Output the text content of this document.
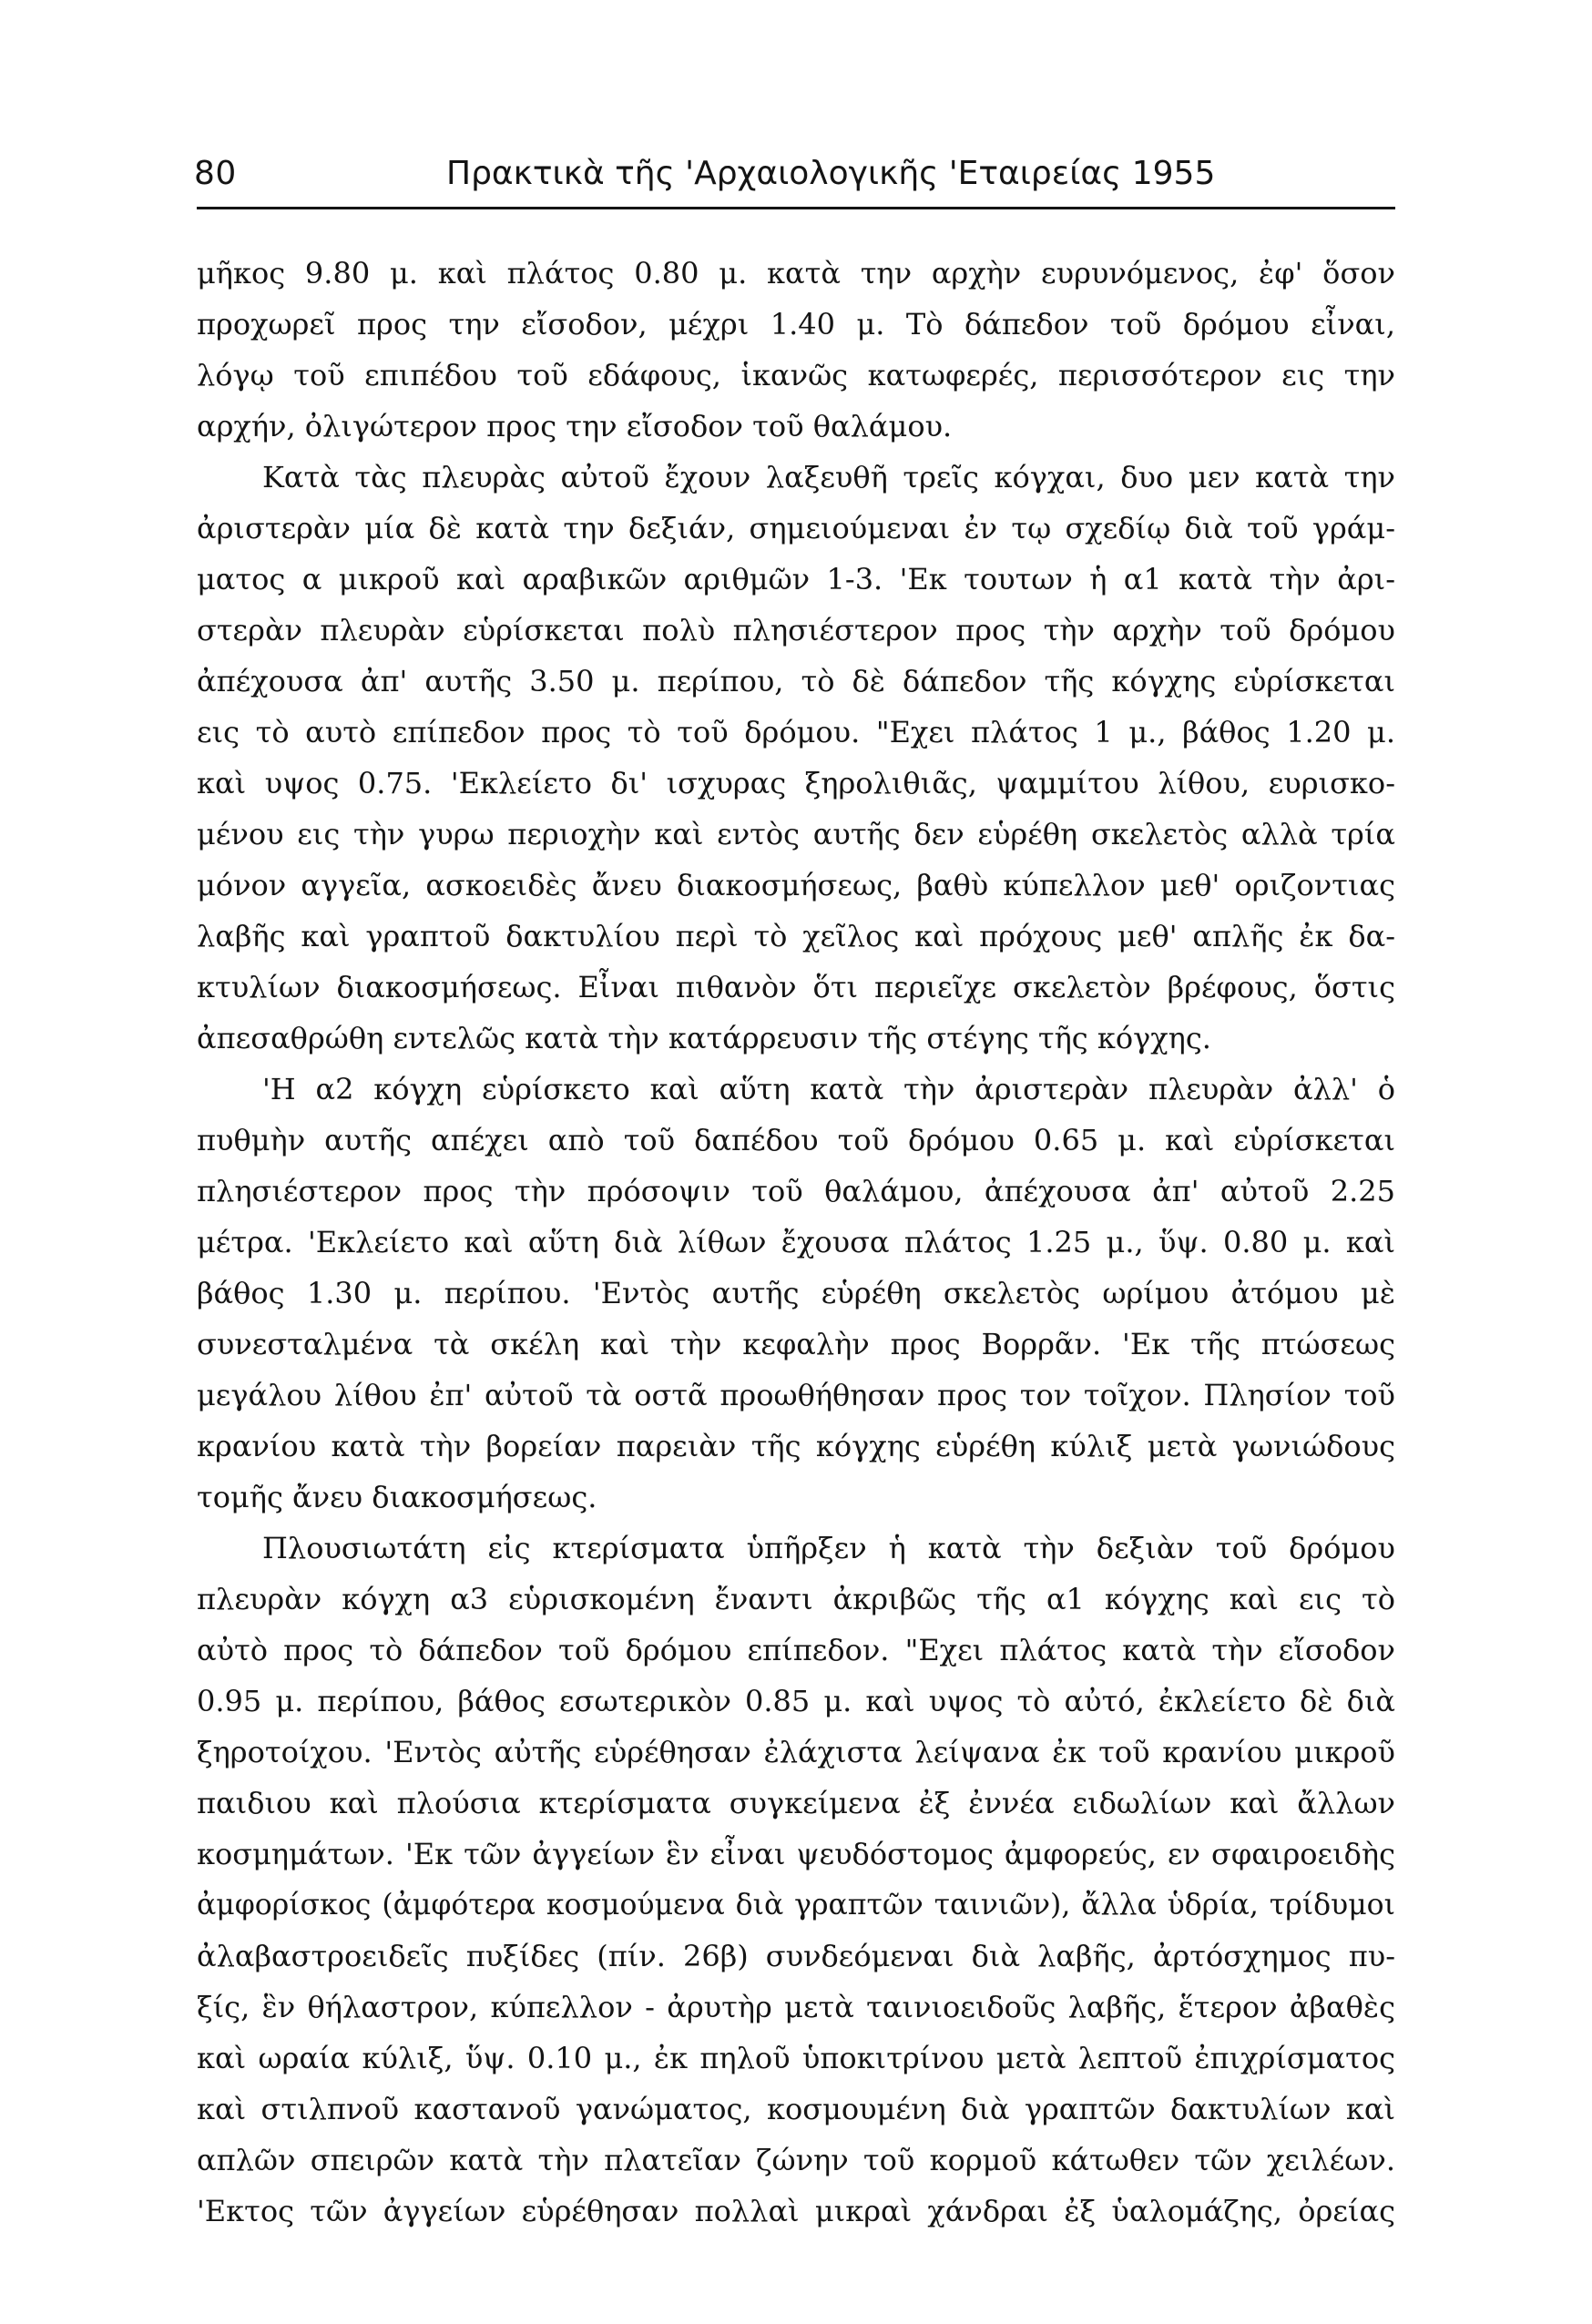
80	Πρακτικὰ τῆς 'Αρχαιολογικῆς 'Εταιρείας 1955
μῆκος 9.80 μ. καὶ πλάτος 0.80 μ. κατὰ την αρχὴν ευρυνόμενος, ἐφ' ὅσον
προχωρεῖ προς την εἴσοδον, μέχρι 1.40 μ. Τὸ δάπεδον τοῦ δρόμου εἶναι,
λόγῳ τοῦ επιπέδου τοῦ εδάφους, ἱκανῶς κατωφερές, περισσότερον εις την
αρχήν, ὀλιγώτερον προς την εἴσοδον τοῦ θαλάμου.
Κατὰ τὰς πλευρὰς αὐτοῦ ἔχουν λαξευθῆ τρεῖς κόγχαι, δυο μεν κατὰ την
ἀριστερὰν μία δὲ κατὰ την δεξιάν, σημειούμεναι ἐν τῳ σχεδίῳ διὰ τοῦ γράμ-
ματος α μικροῦ καὶ αραβικῶν αριθμῶν 1-3. 'Εκ τουτων ἡ α1 κατὰ τὴν ἀρι-
στερὰν πλευρὰν εὑρίσκεται πολὺ πλησιέστερον προς τὴν αρχὴν τοῦ δρόμου
ἀπέχουσα ἀπ' αυτῆς 3.50 μ. περίπου, τὸ δὲ δάπεδον τῆς κόγχης εὑρίσκεται
εις τὸ αυτὸ επίπεδον προς τὸ τοῦ δρόμου. "Εχει πλάτος 1 μ., βάθος 1.20 μ.
καὶ υψος 0.75. 'Εκλείετο δι' ισχυρας ξηρολιθιᾶς, ψαμμίτου λίθου, ευρισκο-
μένου εις τὴν γυρω περιοχὴν καὶ εντὸς αυτῆς δεν εὑρέθη σκελετὸς αλλὰ τρία
μόνον αγγεῖα, ασκοειδὲς ἄνευ διακοσμήσεως, βαθὺ κύπελλον μεθ' οριζοντιας
λαβῆς καὶ γραπτοῦ δακτυλίου περὶ τὸ χεῖλος καὶ πρόχους μεθ' απλῆς ἐκ δα-
κτυλίων διακοσμήσεως. Εἶναι πιθανὸν ὅτι περιεῖχε σκελετὸν βρέφους, ὅστις
ἀπεσαθρώθη εντελῶς κατὰ τὴν κατάρρευσιν τῆς στέγης τῆς κόγχης.
'Η α2 κόγχη εὑρίσκετο καὶ αὕτη κατὰ τὴν ἀριστερὰν πλευρὰν ἀλλ' ὁ
πυθμὴν αυτῆς απέχει απὸ τοῦ δαπέδου τοῦ δρόμου 0.65 μ. καὶ εὑρίσκεται
πλησιέστερον προς τὴν πρόσοψιν τοῦ θαλάμου, ἀπέχουσα ἀπ' αὐτοῦ 2.25
μέτρα. 'Εκλείετο καὶ αὕτη διὰ λίθων ἔχουσα πλάτος 1.25 μ., ὕψ. 0.80 μ. καὶ
βάθος 1.30 μ. περίπου. 'Εντὸς αυτῆς εὑρέθη σκελετὸς ωρίμου ἀτόμου μὲ
συνεσταλμένα τὰ σκέλη καὶ τὴν κεφαλὴν προς Βορρᾶν. 'Εκ τῆς πτώσεως
μεγάλου λίθου ἐπ' αὐτοῦ τὰ οστᾶ προωθήθησαν προς τον τοῖχον. Πλησίον τοῦ
κρανίου κατὰ τὴν βορείαν παρειὰν τῆς κόγχης εὑρέθη κύλιξ μετὰ γωνιώδους
τομῆς ἄνευ διακοσμήσεως.
Πλουσιωτάτη εἰς κτερίσματα ὑπῆρξεν ἡ κατὰ τὴν δεξιὰν τοῦ δρόμου
πλευρὰν κόγχη α3 εὑρισκομένη ἔναντι ἀκριβῶς τῆς α1 κόγχης καὶ εις τὸ
αὐτὸ προς τὸ δάπεδον τοῦ δρόμου επίπεδον. "Εχει πλάτος κατὰ τὴν εἴσοδον
0.95 μ. περίπου, βάθος εσωτερικὸν 0.85 μ. καὶ υψος τὸ αὐτό, ἐκλείετο δὲ διὰ
ξηροτοίχου. 'Εντὸς αὐτῆς εὑρέθησαν ἐλάχιστα λείψανα ἐκ τοῦ κρανίου μικροῦ
παιδιου καὶ πλούσια κτερίσματα συγκείμενα ἐξ ἐννέα ειδωλίων καὶ ἄλλων
κοσμημάτων. 'Εκ τῶν ἀγγείων ἓν εἶναι ψευδόστομος ἀμφορεύς, εν σφαιροειδὴς
ἀμφορίσκος (ἀμφότερα κοσμούμενα διὰ γραπτῶν ταινιῶν), ἄλλα ὑδρία, τρίδυμοι
ἀλαβαστροειδεῖς πυξίδες (πίν. 26β) συνδεόμεναι διὰ λαβῆς, ἀρτόσχημος πυ-
ξίς, ἓν θήλαστρον, κύπελλον - ἀρυτὴρ μετὰ ταινιοειδοῦς λαβῆς, ἕτερον ἀβαθὲς
καὶ ωραία κύλιξ, ὕψ. 0.10 μ., ἐκ πηλοῦ ὑποκιτρίνου μετὰ λεπτοῦ ἐπιχρίσματος
καὶ στιλπνοῦ καστανοῦ γανώματος, κοσμουμένη διὰ γραπτῶν δακτυλίων καὶ
απλῶν σπειρῶν κατὰ τὴν πλατεῖαν ζώνην τοῦ κορμοῦ κάτωθεν τῶν χειλέων.
'Εκτος τῶν ἀγγείων εὑρέθησαν πολλαὶ μικραὶ χάνδραι ἐξ ὑαλομάζης, ὀρείας
